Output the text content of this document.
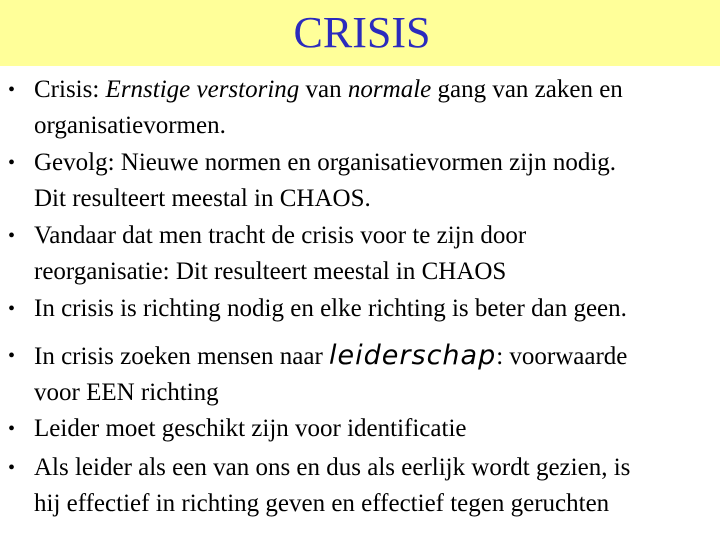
CRISIS
• Crisis: Ernstige verstoring van normale gang van zaken en
organisatievormen.
• Gevolg: Nieuwe normen en organisatievormen zijn nodig.
Dit resulteert meestal in CHAOS.
• Vandaar dat men tracht de crisis voor te zijn door
reorganisatie: Dit resulteert meestal in CHAOS
• In crisis is richting nodig en elke richting is beter dan geen.
• In crisis zoeken mensen naar leiderschap: voorwaarde
voor EEN richting
• Leider moet geschikt zijn voor identificatie
• Als leider als een van ons en dus als eerlijk wordt gezien, is
hij effectief in richting geven en effectief tegen geruchten
